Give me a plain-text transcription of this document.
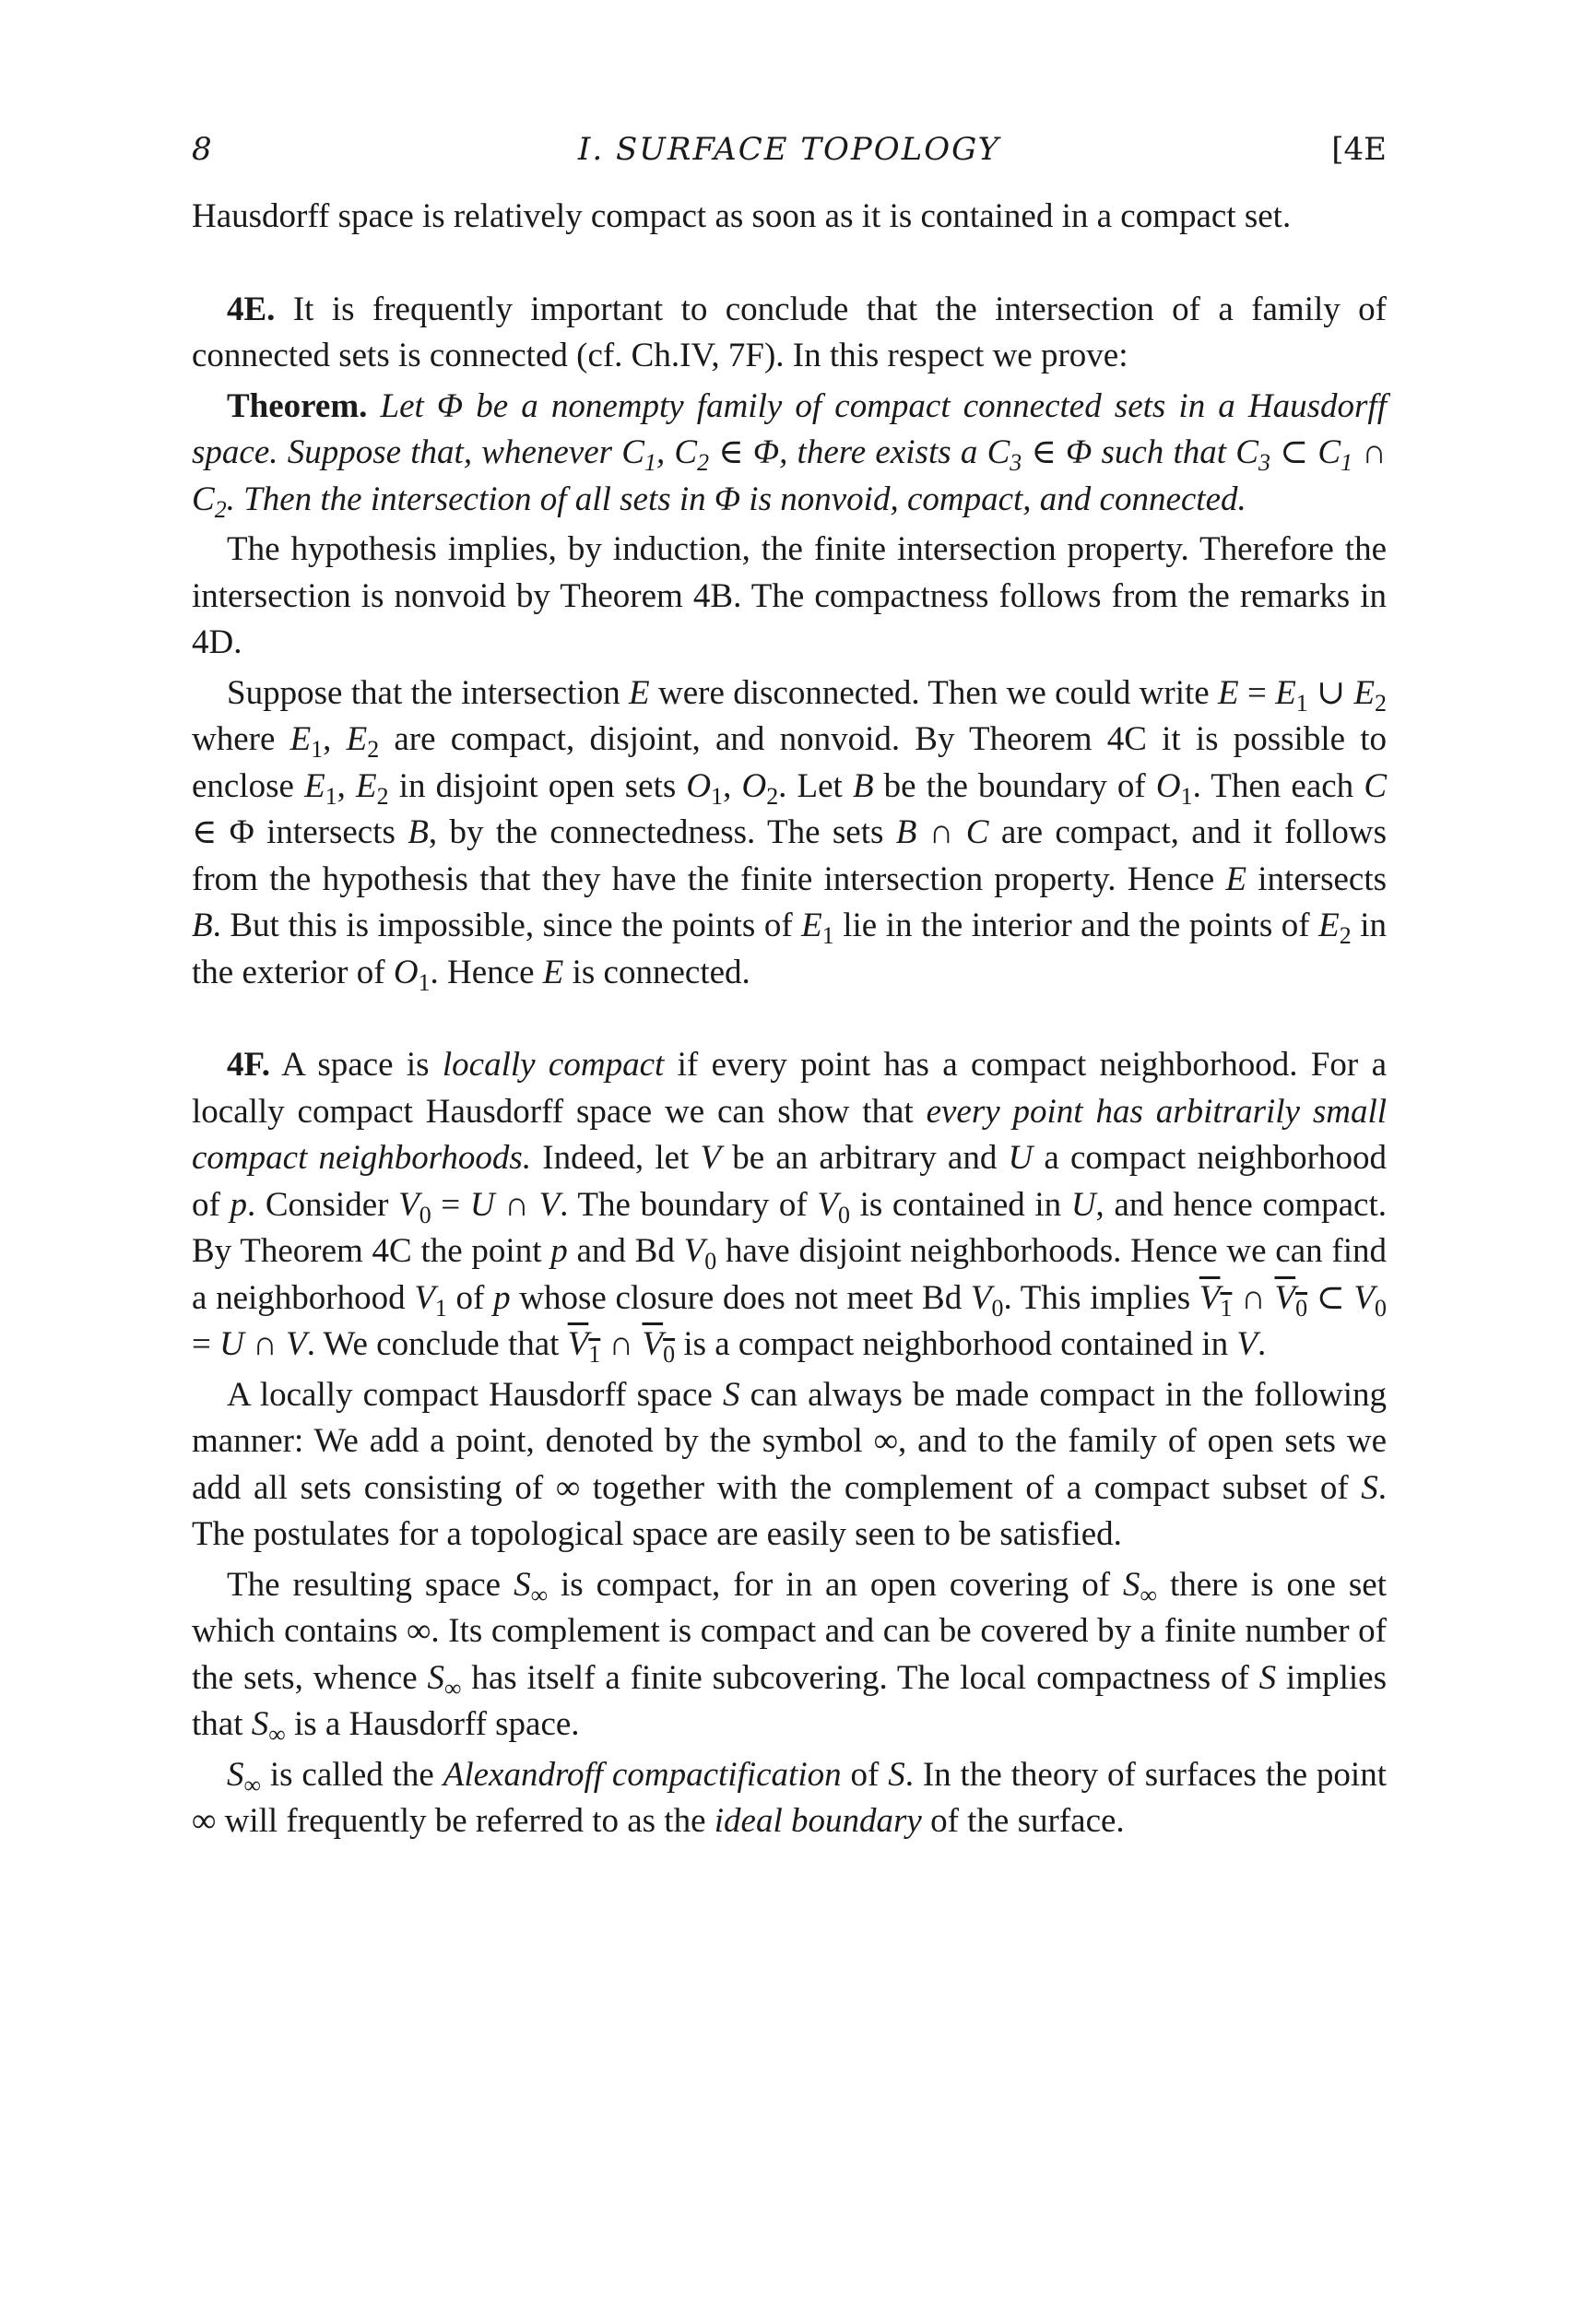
8	I. SURFACE TOPOLOGY	[4E

Hausdorff space is relatively compact as soon as it is contained in a compact set.

4E. It is frequently important to conclude that the intersection of a family of connected sets is connected (cf. Ch.IV, 7F). In this respect we prove:

Theorem. Let Φ be a nonempty family of compact connected sets in a Hausdorff space. Suppose that, whenever $C_1$, $C_2$ ∈ Φ, there exists a $C_3$ ∈ Φ such that $C_3$ ⊂ $C_1$ ∩ $C_2$. Then the intersection of all sets in Φ is nonvoid, compact, and connected.

The hypothesis implies, by induction, the finite intersection property. Therefore the intersection is nonvoid by Theorem 4B. The compactness follows from the remarks in 4D.

Suppose that the intersection E were disconnected. Then we could write $E = E_1$ ∪ $E_2$ where $E_1$, $E_2$ are compact, disjoint, and nonvoid. By Theorem 4C it is possible to enclose $E_1$, $E_2$ in disjoint open sets $O_1$, $O_2$. Let B be the boundary of $O_1$. Then each C ∈ Φ intersects B, by the connectedness. The sets B ∩ C are compact, and it follows from the hypothesis that they have the finite intersection property. Hence E intersects B. But this is impossible, since the points of $E_1$ lie in the interior and the points of $E_2$ in the exterior of $O_1$. Hence E is connected.

4F. A space is locally compact if every point has a compact neighborhood. For a locally compact Hausdorff space we can show that every point has arbitrarily small compact neighborhoods. Indeed, let V be an arbitrary and U a compact neighborhood of p. Consider $V_0 = U$ ∩ V. The boundary of $V_0$ is contained in U, and hence compact. By Theorem 4C the point p and Bd $V_0$ have disjoint neighborhoods. Hence we can find a neighborhood $V_1$ of p whose closure does not meet Bd $V_0$. This implies $V_1$ ∩ $V_0$ ⊂ $V_0 = U$ ∩ V. We conclude that $V_1$ ∩ $V_0$ is a compact neighborhood contained in V.

A locally compact Hausdorff space S can always be made compact in the following manner: We add a point, denoted by the symbol ∞, and to the family of open sets we add all sets consisting of ∞ together with the complement of a compact subset of S. The postulates for a topological space are easily seen to be satisfied.

The resulting space $S_\infty$ is compact, for in an open covering of $S_\infty$ there is one set which contains ∞. Its complement is compact and can be covered by a finite number of the sets, whence $S_\infty$ has itself a finite subcovering. The local compactness of S implies that $S_\infty$ is a Hausdorff space.

$S_\infty$ is called the Alexandroff compactification of S. In the theory of surfaces the point ∞ will frequently be referred to as the ideal boundary of the surface.
